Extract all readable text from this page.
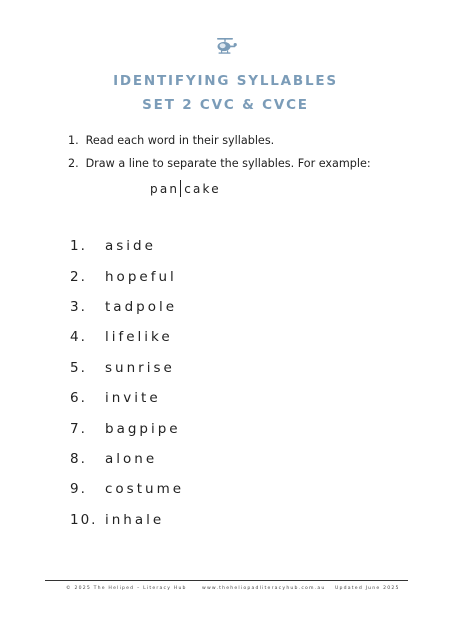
IDENTIFYING SYLLABLES
SET 2 CVC & CVCE
1. Read each word in their syllables.
2. Draw a line to separate the syllables. For example:
pan cake
1.	aside
2.	hopeful
3.	tadpole
4.	lifelike
5.	sunrise
6.	invite
7.	bagpipe
8.	alone
9.	costume
10. inhale
© 2025 The Heliped – Literacy Hub	www.theheliopadliteracyhub.com.au Updated June 2025
